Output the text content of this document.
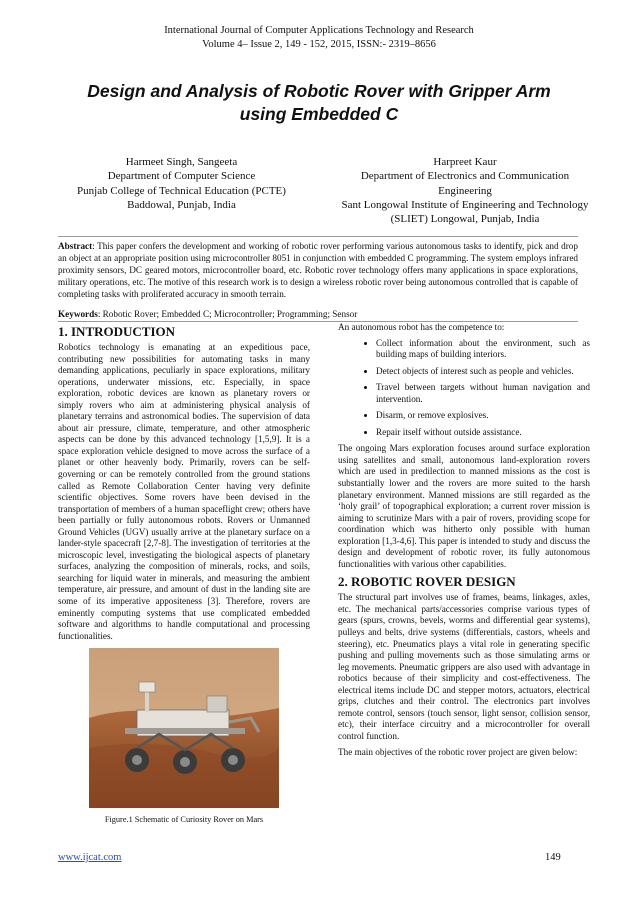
International Journal of Computer Applications Technology and Research
Volume 4– Issue 2, 149 - 152, 2015, ISSN:- 2319–8656
Design and Analysis of Robotic Rover with Gripper Arm
using Embedded C
Harmeet Singh, Sangeeta
Department of Computer Science
Punjab College of Technical Education (PCTE)
Baddowal, Punjab, India
Harpreet Kaur
Department of Electronics and Communication
Engineering
Sant Longowal Institute of Engineering and Technology
(SLIET) Longowal, Punjab, India
Abstract: This paper confers the development and working of robotic rover performing various autonomous tasks to identify, pick and drop an object at an appropriate position using microcontroller 8051 in conjunction with embedded C programming. The system employs infrared proximity sensors, DC geared motors, microcontroller board, etc. Robotic rover technology offers many applications in space explorations, military operations, etc. The motive of this research work is to design a wireless robotic rover being autonomous controlled that is capable of completing tasks with proliferated accuracy in smooth terrain.
Keywords: Robotic Rover; Embedded C; Microcontroller; Programming; Sensor
1. INTRODUCTION

Robotics technology is emanating at an expeditious pace, contributing new possibilities for automating tasks in many demanding applications, peculiarly in space explorations, military operations, underwater missions, etc. Especially, in space exploration, robotic devices are known as planetary rovers or simply rovers who aim at administering physical analysis of planetary terrains and astronomical bodies. The supervision of data about air pressure, climate, temperature, and other atmospheric aspects can be done by this advanced technology [1,5,9]. It is a space exploration vehicle designed to move across the surface of a planet or other heavenly body. Primarily, rovers can be self-governing or can be remotely controlled from the ground stations called as Remote Collaboration Center having very definite scientific objectives. Some rovers have been devised in the transportation of members of a human spaceflight crew; others have been partially or fully autonomous robots. Rovers or Unmanned Ground Vehicles (UGV) usually arrive at the planetary surface on a lander-style spacecraft [2,7-8]. The investigation of territories at the microscopic level, investigating the biological aspects of planetary surfaces, analyzing the composition of minerals, rocks, and soils, searching for liquid water in minerals, and measuring the ambient temperature, air pressure, and amount of dust in the landing site are some of its imperative appositeness [3]. Therefore, rovers are eminently computing systems that use complicated embedded software and algorithms to handle computational and processing functionalities.

Figure.1 Schematic of Curiosity Rover on Mars

An autonomous robot has the competence to:

• Collect information about the environment, such as building maps of building interiors.
• Detect objects of interest such as people and vehicles.
• Travel between targets without human navigation and intervention.
• Disarm, or remove explosives.
• Repair itself without outside assistance.

The ongoing Mars exploration focuses around surface exploration using satellites and small, autonomous land-exploration rovers which are used in predilection to manned missions as the cost is substantially lower and the rovers are more suited to the harsh planetary environment. Manned missions are still regarded as the ‘holy grail’ of topographical exploration; a current rover mission is aiming to scrutinize Mars with a pair of rovers, providing scope for coordination which was hitherto only possible with human exploration [1,3-4,6]. This paper is intended to study and discuss the design and development of robotic rover, its fully autonomous functionalities with various other capabilities.

2. ROBOTIC ROVER DESIGN

The structural part involves use of frames, beams, linkages, axles, etc. The mechanical parts/accessories comprise various types of gears (spurs, crowns, bevels, worms and differential gear systems), pulleys and belts, drive systems (differentials, castors, wheels and steering), etc. Pneumatics plays a vital role in generating specific pushing and pulling movements such as those simulating arms or leg movements. Pneumatic grippers are also used with advantage in robotics because of their simplicity and cost-effectiveness. The electrical items include DC and stepper motors, actuators, electrical grips, clutches and their control. The electronics part involves remote control, sensors (touch sensor, light sensor, collision sensor, etc), their interface circuitry and a microcontroller for overall control function.

The main objectives of the robotic rover project are given below:

www.ijcat.com	149
